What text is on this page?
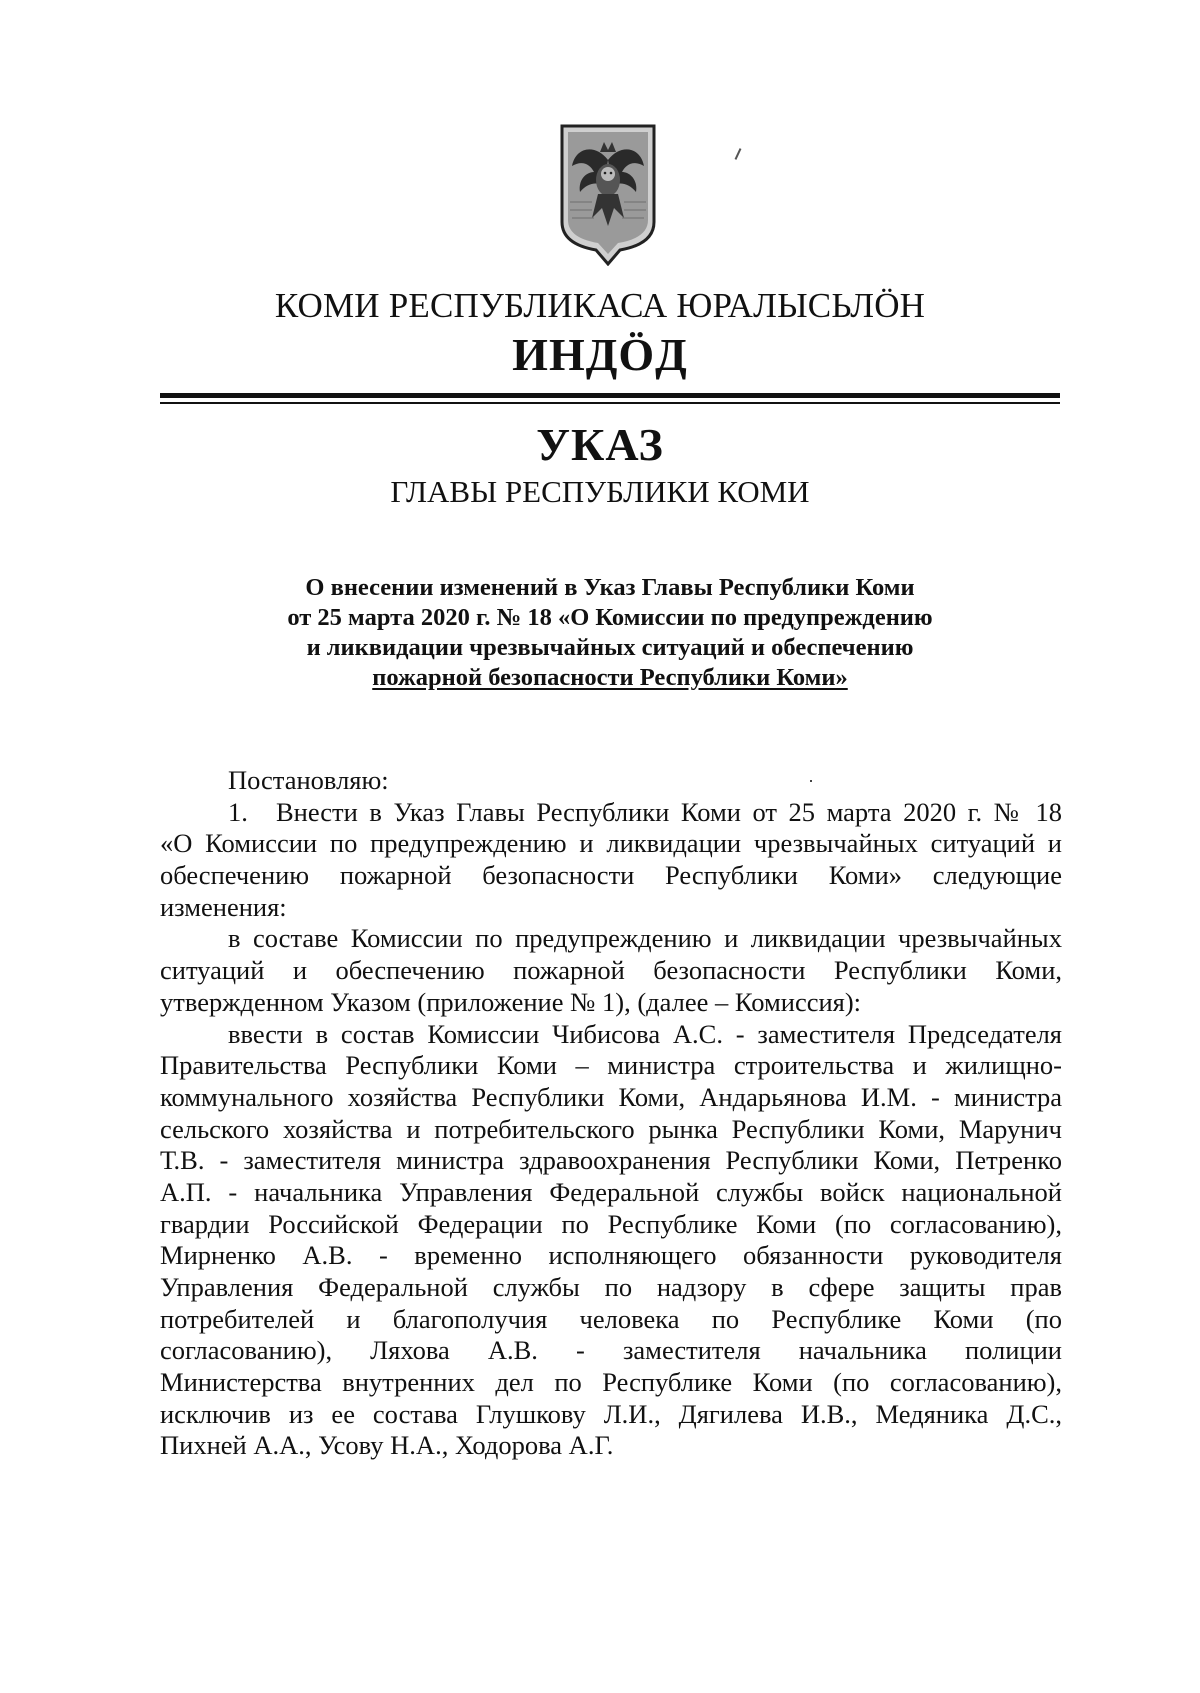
КОМИ РЕСПУБЛИКАСА ЮРАЛЫСЬЛӦН
ИНДӦД
УКАЗ
ГЛАВЫ РЕСПУБЛИКИ КОМИ
О внесении изменений в Указ Главы Республики Коми
от 25 марта 2020 г. № 18 «О Комиссии по предупреждению
и ликвидации чрезвычайных ситуаций и обеспечению
пожарной безопасности Республики Коми»
Постановляю:
1. Внести в Указ Главы Республики Коми от 25 марта 2020 г. № 18
«О Комиссии по предупреждению и ликвидации чрезвычайных ситуаций и
обеспечению пожарной безопасности Республики Коми» следующие
изменения:
в составе Комиссии по предупреждению и ликвидации чрезвычайных
ситуаций и обеспечению пожарной безопасности Республики Коми,
утвержденном Указом (приложение № 1), (далее – Комиссия):
ввести в состав Комиссии Чибисова А.С. - заместителя Председателя
Правительства Республики Коми – министра строительства и жилищно-
коммунального хозяйства Республики Коми, Андарьянова И.М. - министра
сельского хозяйства и потребительского рынка Республики Коми, Марунич
Т.В. - заместителя министра здравоохранения Республики Коми, Петренко
А.П. - начальника Управления Федеральной службы войск национальной
гвардии Российской Федерации по Республике Коми (по согласованию),
Мирненко А.В. - временно исполняющего обязанности руководителя
Управления Федеральной службы по надзору в сфере защиты прав
потребителей и благополучия человека по Республике Коми (по
согласованию), Ляхова А.В. - заместителя начальника полиции
Министерства внутренних дел по Республике Коми (по согласованию),
исключив из ее состава Глушкову Л.И., Дягилева И.В., Медяника Д.С.,
Пихней А.А., Усову Н.А., Ходорова А.Г.
